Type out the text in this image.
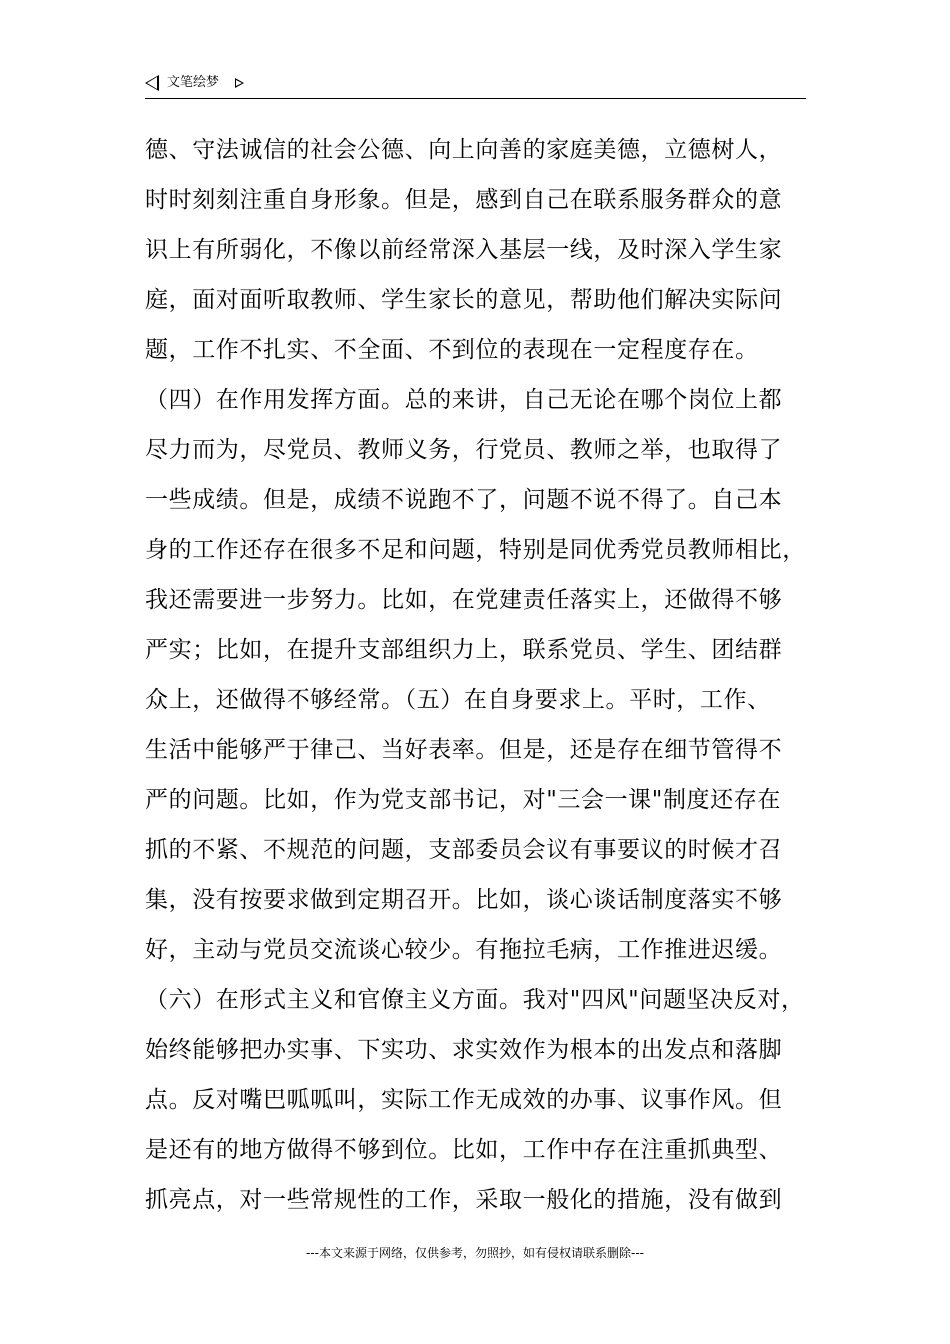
文笔绘梦
德、守法诚信的社会公德、向上向善的家庭美德，立德树人，
时时刻刻注重自身形象。但是，感到自己在联系服务群众的意
识上有所弱化，不像以前经常深入基层一线，及时深入学生家
庭，面对面听取教师、学生家长的意见，帮助他们解决实际问
题，工作不扎实、不全面、不到位的表现在一定程度存在。
（四）在作用发挥方面。总的来讲，自己无论在哪个岗位上都
尽力而为，尽党员、教师义务，行党员、教师之举，也取得了
一些成绩。但是，成绩不说跑不了，问题不说不得了。自己本
身的工作还存在很多不足和问题，特别是同优秀党员教师相比，
我还需要进一步努力。比如，在党建责任落实上，还做得不够
严实；比如，在提升支部组织力上，联系党员、学生、团结群
众上，还做得不够经常。（五）在自身要求上。平时，工作、
生活中能够严于律己、当好表率。但是，还是存在细节管得不
严的问题。比如，作为党支部书记，对"三会一课"制度还存在
抓的不紧、不规范的问题，支部委员会议有事要议的时候才召
集，没有按要求做到定期召开。比如，谈心谈话制度落实不够
好，主动与党员交流谈心较少。有拖拉毛病，工作推进迟缓。
（六）在形式主义和官僚主义方面。我对"四风"问题坚决反对，
始终能够把办实事、下实功、求实效作为根本的出发点和落脚
点。反对嘴巴呱呱叫，实际工作无成效的办事、议事作风。但
是还有的地方做得不够到位。比如，工作中存在注重抓典型、
抓亮点，对一些常规性的工作，采取一般化的措施，没有做到
---本文来源于网络，仅供参考，勿照抄，如有侵权请联系删除---
